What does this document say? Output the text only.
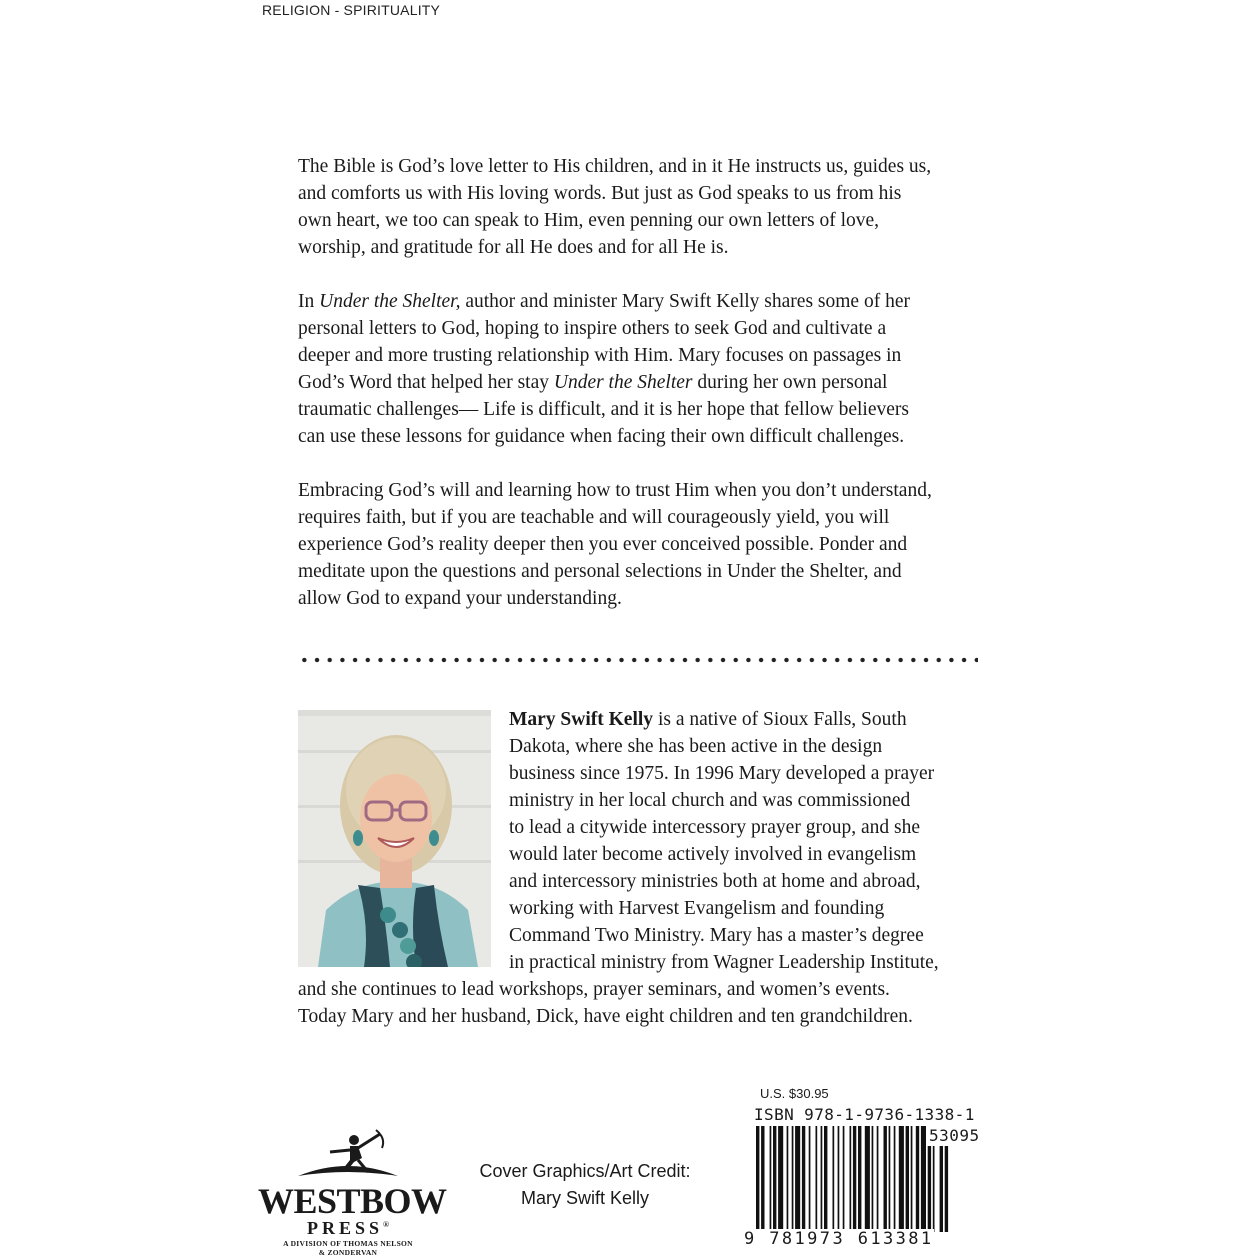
RELIGION - SPIRITUALITY

The Bible is God’s love letter to His children, and in it He instructs us, guides us,
and comforts us with His loving words. But just as God speaks to us from his
own heart, we too can speak to Him, even penning our own letters of love,
worship, and gratitude for all He does and for all He is.

In Under the Shelter, author and minister Mary Swift Kelly shares some of her
personal letters to God, hoping to inspire others to seek God and cultivate a
deeper and more trusting relationship with Him. Mary focuses on passages in
God’s Word that helped her stay Under the Shelter during her own personal
traumatic challenges— Life is difficult, and it is her hope that fellow believers
can use these lessons for guidance when facing their own difficult challenges.

Embracing God’s will and learning how to trust Him when you don’t understand,
requires faith, but if you are teachable and will courageously yield, you will
experience God’s reality deeper then you ever conceived possible. Ponder and
meditate upon the questions and personal selections in Under the Shelter, and
allow God to expand your understanding.

Mary Swift Kelly is a native of Sioux Falls, South
Dakota, where she has been active in the design
business since 1975. In 1996 Mary developed a prayer
ministry in her local church and was commissioned
to lead a citywide intercessory prayer group, and she
would later become actively involved in evangelism
and intercessory ministries both at home and abroad,
working with Harvest Evangelism and founding
Command Two Ministry. Mary has a master’s degree
in practical ministry from Wagner Leadership Institute,
and she continues to lead workshops, prayer seminars, and women’s events.
Today Mary and her husband, Dick, have eight children and ten grandchildren.
WESTBOW
PRESS®
A DIVISION OF THOMAS NELSON
& ZONDERVAN
Cover Graphics/Art Credit:
Mary Swift Kelly
U.S. $30.95
ISBN 978-1-9736-1338-1
53095
9 781973 613381
